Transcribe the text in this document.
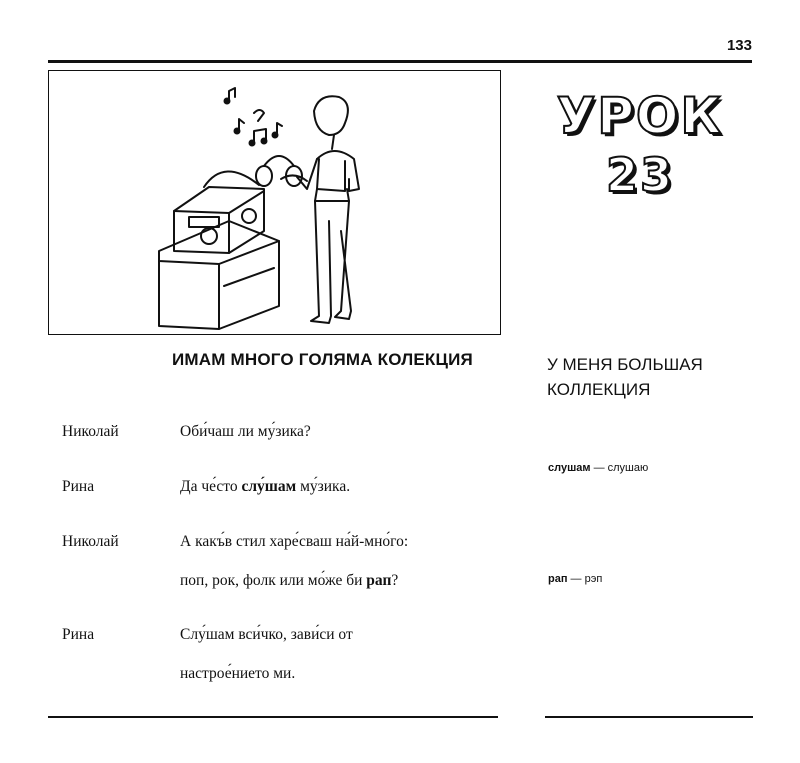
133
УРОК
23
ИМАМ МНОГО ГОЛЯМА КОЛЕКЦИЯ	У МЕНЯ БОЛЬШАЯ
КОЛЛЕКЦИЯ
Николай	Оби́чаш ли му́зика?
Рина	Да че́сто слу́шам му́зика.
Николай	А какъ́в стил харе́сваш на́й-мно́го:
поп, рок, фолк или мо́же би рап?
Рина	Слу́шам вси́чко, зави́си от
настрое́нието ми.
слушам — слушаю
рап — рэп
